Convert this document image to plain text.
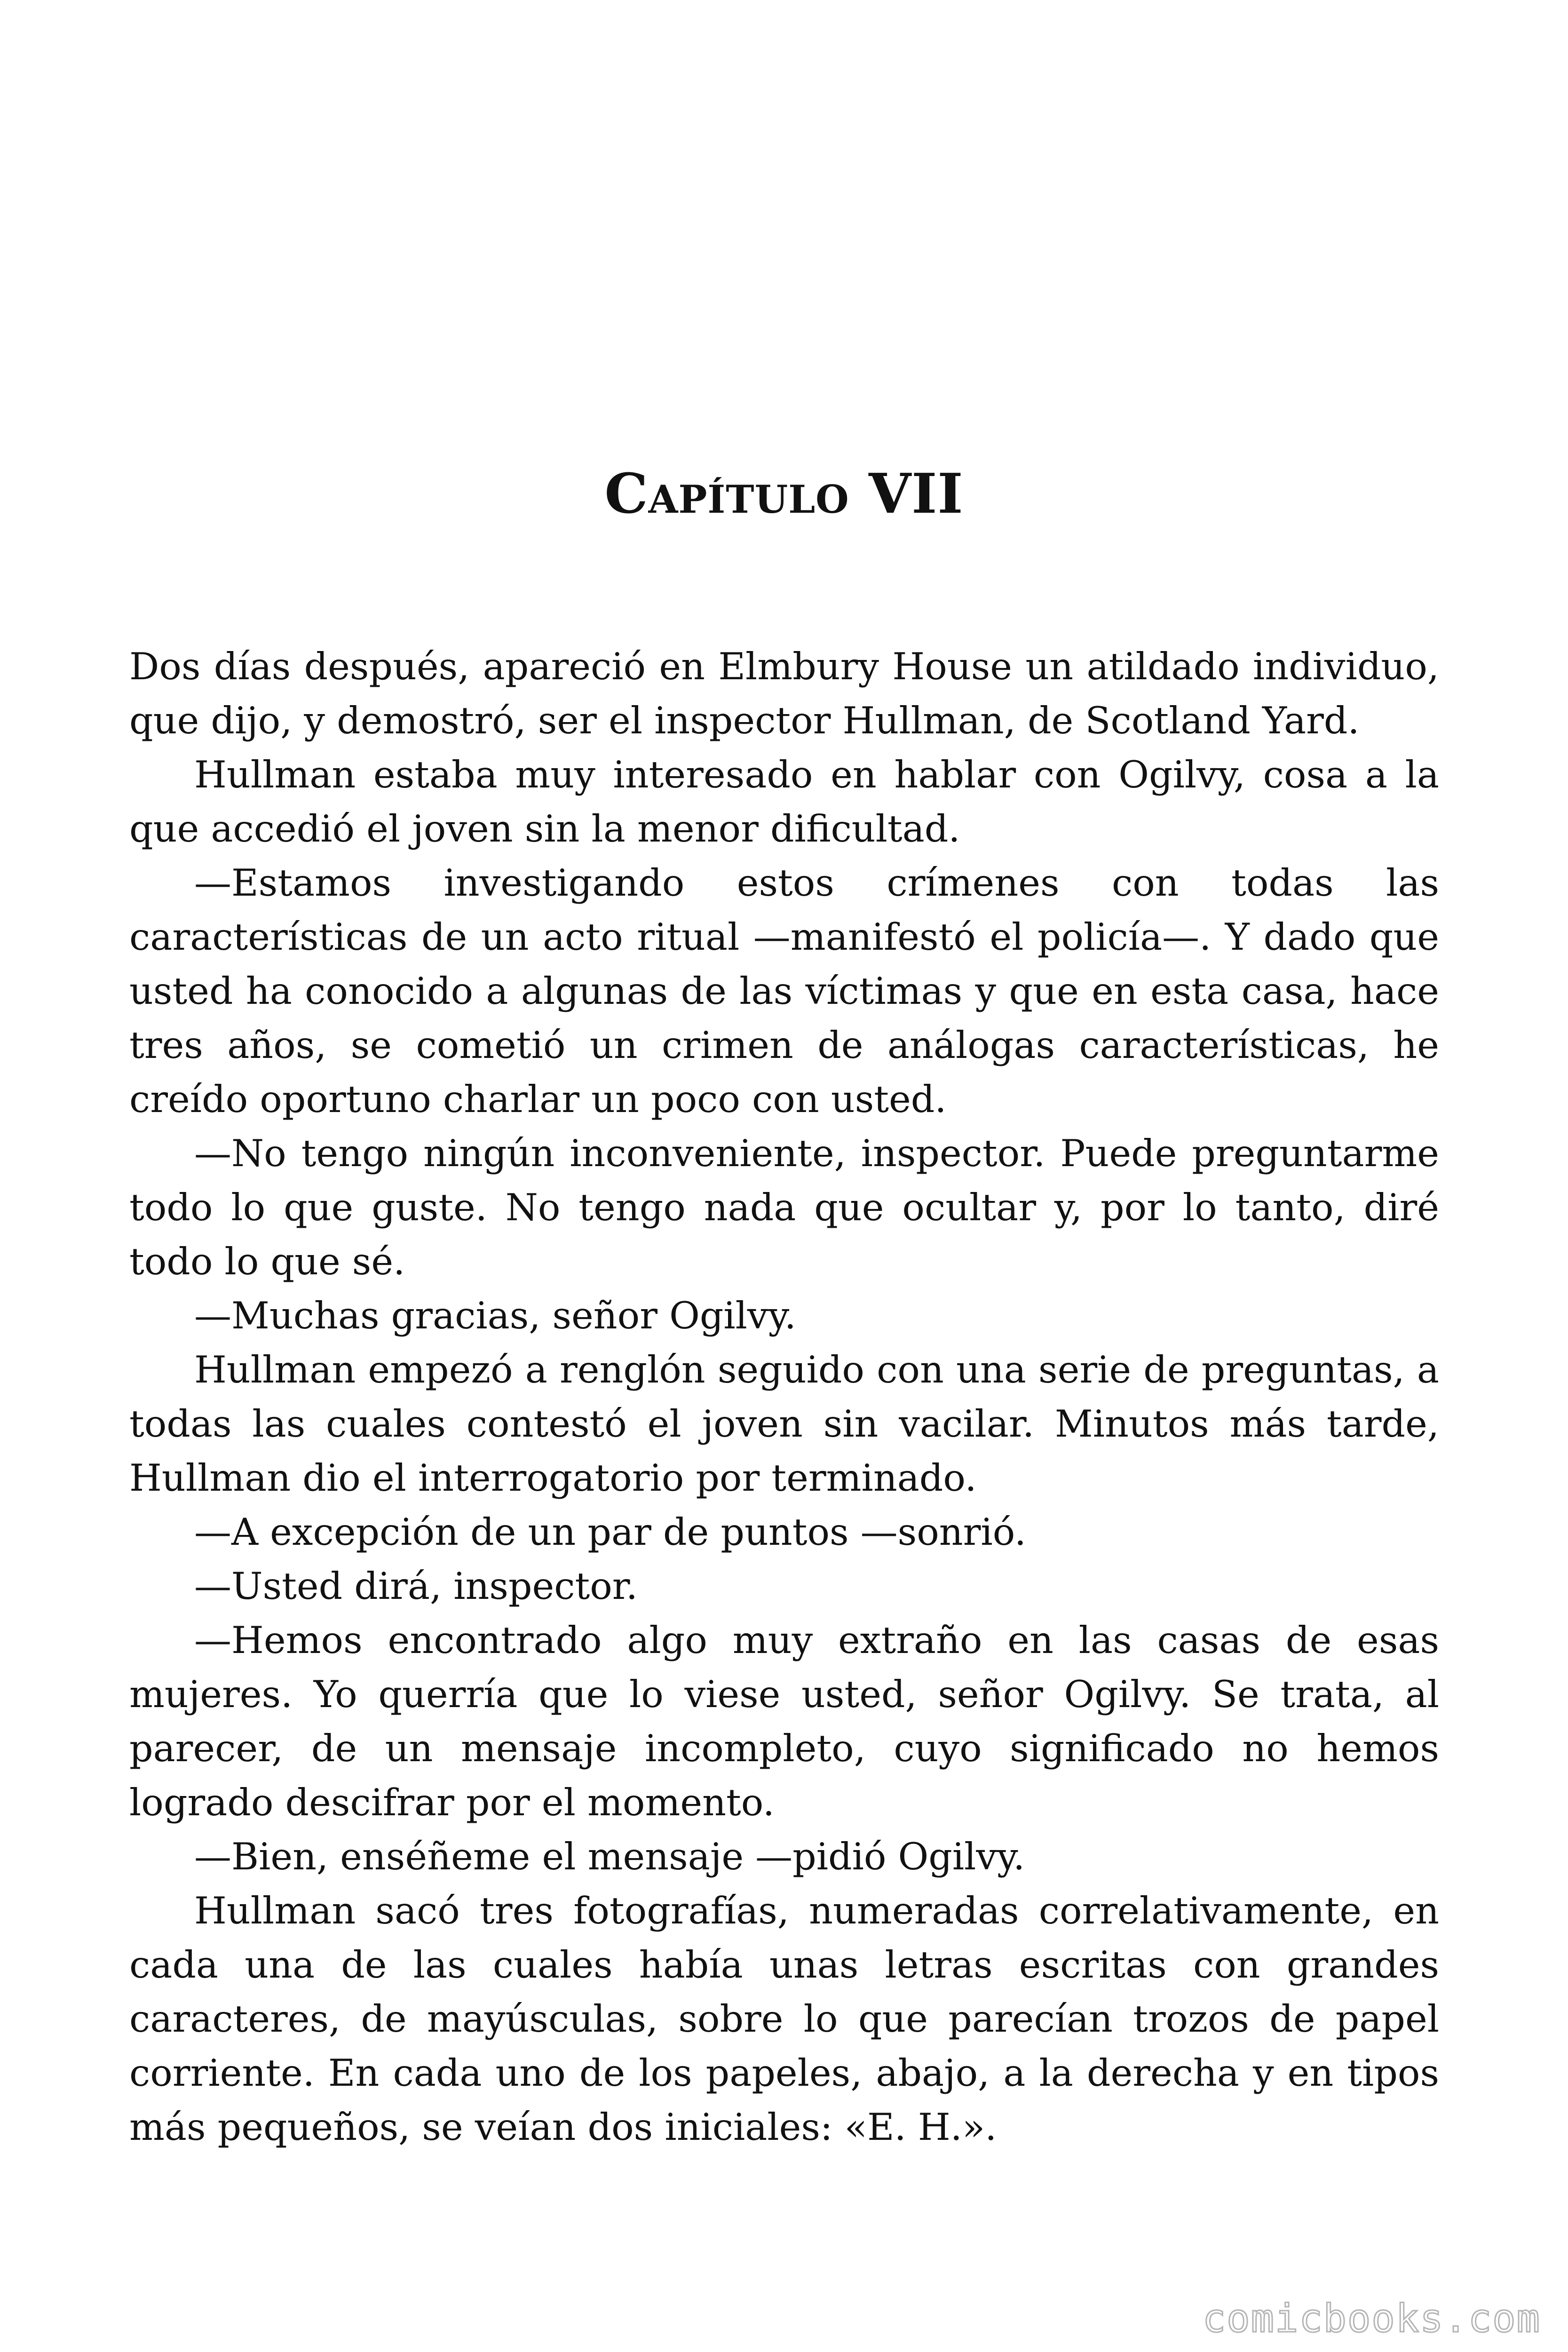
Capítulo VII

Dos días después, apareció en Elmbury House un atildado individuo, que dijo, y demostró, ser el inspector Hullman, de Scotland Yard.

Hullman estaba muy interesado en hablar con Ogilvy, cosa a la que accedió el joven sin la menor dificultad.

—Estamos investigando estos crímenes con todas las características de un acto ritual —manifestó el policía—. Y dado que usted ha conocido a algunas de las víctimas y que en esta casa, hace tres años, se cometió un crimen de análogas características, he creído oportuno charlar un poco con usted.

—No tengo ningún inconveniente, inspector. Puede preguntarme todo lo que guste. No tengo nada que ocultar y, por lo tanto, diré todo lo que sé.

—Muchas gracias, señor Ogilvy.

Hullman empezó a renglón seguido con una serie de preguntas, a todas las cuales contestó el joven sin vacilar. Minutos más tarde, Hullman dio el interrogatorio por terminado.

—A excepción de un par de puntos —sonrió.

—Usted dirá, inspector.

—Hemos encontrado algo muy extraño en las casas de esas mujeres. Yo querría que lo viese usted, señor Ogilvy. Se trata, al parecer, de un mensaje incompleto, cuyo significado no hemos logrado descifrar por el momento.

—Bien, enséñeme el mensaje —pidió Ogilvy.

Hullman sacó tres fotografías, numeradas correlativamente, en cada una de las cuales había unas letras escritas con grandes caracteres, de mayúsculas, sobre lo que parecían trozos de papel corriente. En cada uno de los papeles, abajo, a la derecha y en tipos más pequeños, se veían dos iniciales: «E. H.».

comicbooks.com
